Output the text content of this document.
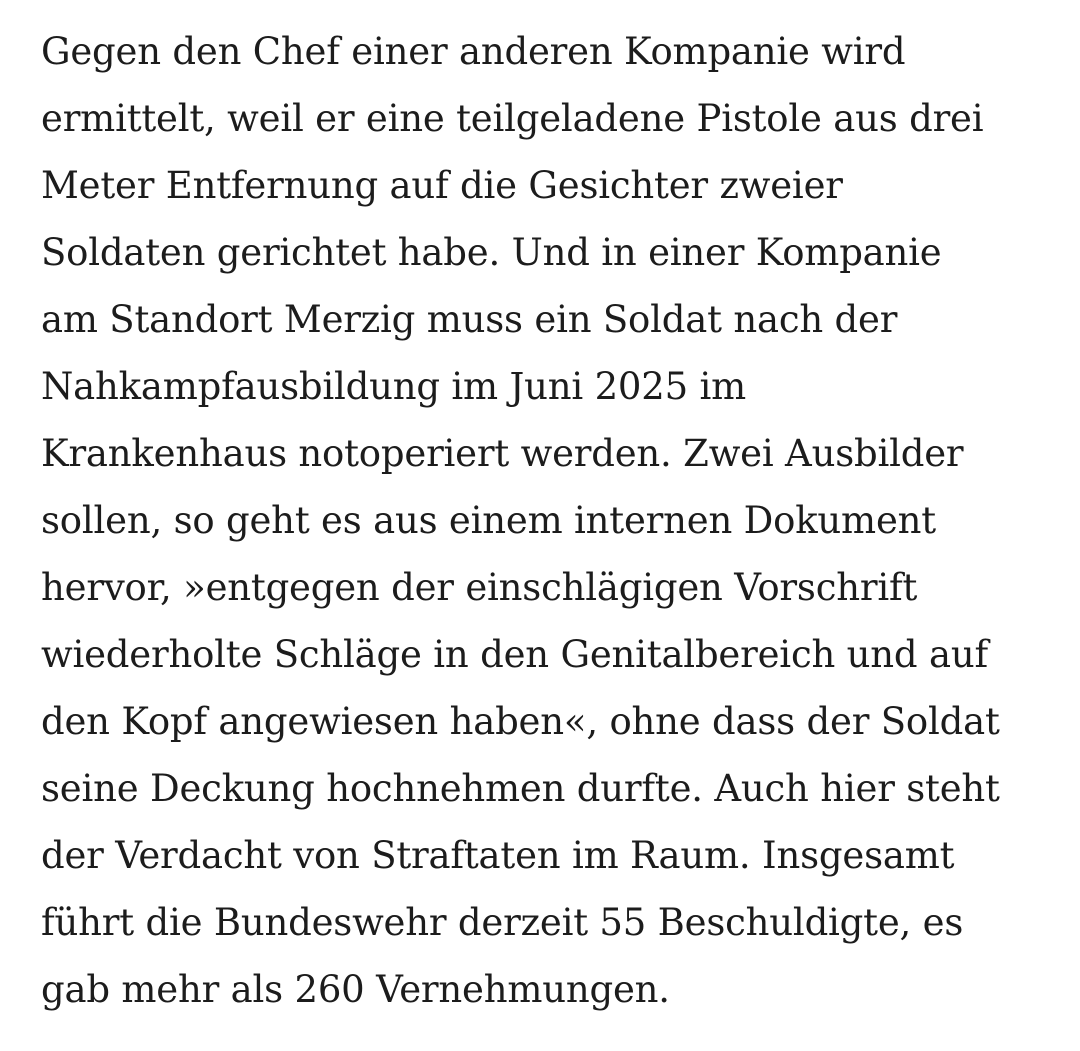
Gegen den Chef einer anderen Kompanie wird
ermittelt, weil er eine teilgeladene Pistole aus drei
Meter Entfernung auf die Gesichter zweier
Soldaten gerichtet habe. Und in einer Kompanie
am Standort Merzig muss ein Soldat nach der
Nahkampfausbildung im Juni 2025 im
Krankenhaus notoperiert werden. Zwei Ausbilder
sollen, so geht es aus einem internen Dokument
hervor, »entgegen der einschlägigen Vorschrift
wiederholte Schläge in den Genitalbereich und auf
den Kopf angewiesen haben«, ohne dass der Soldat
seine Deckung hochnehmen durfte. Auch hier steht
der Verdacht von Straftaten im Raum. Insgesamt
führt die Bundeswehr derzeit 55 Beschuldigte, es
gab mehr als 260 Vernehmungen.
